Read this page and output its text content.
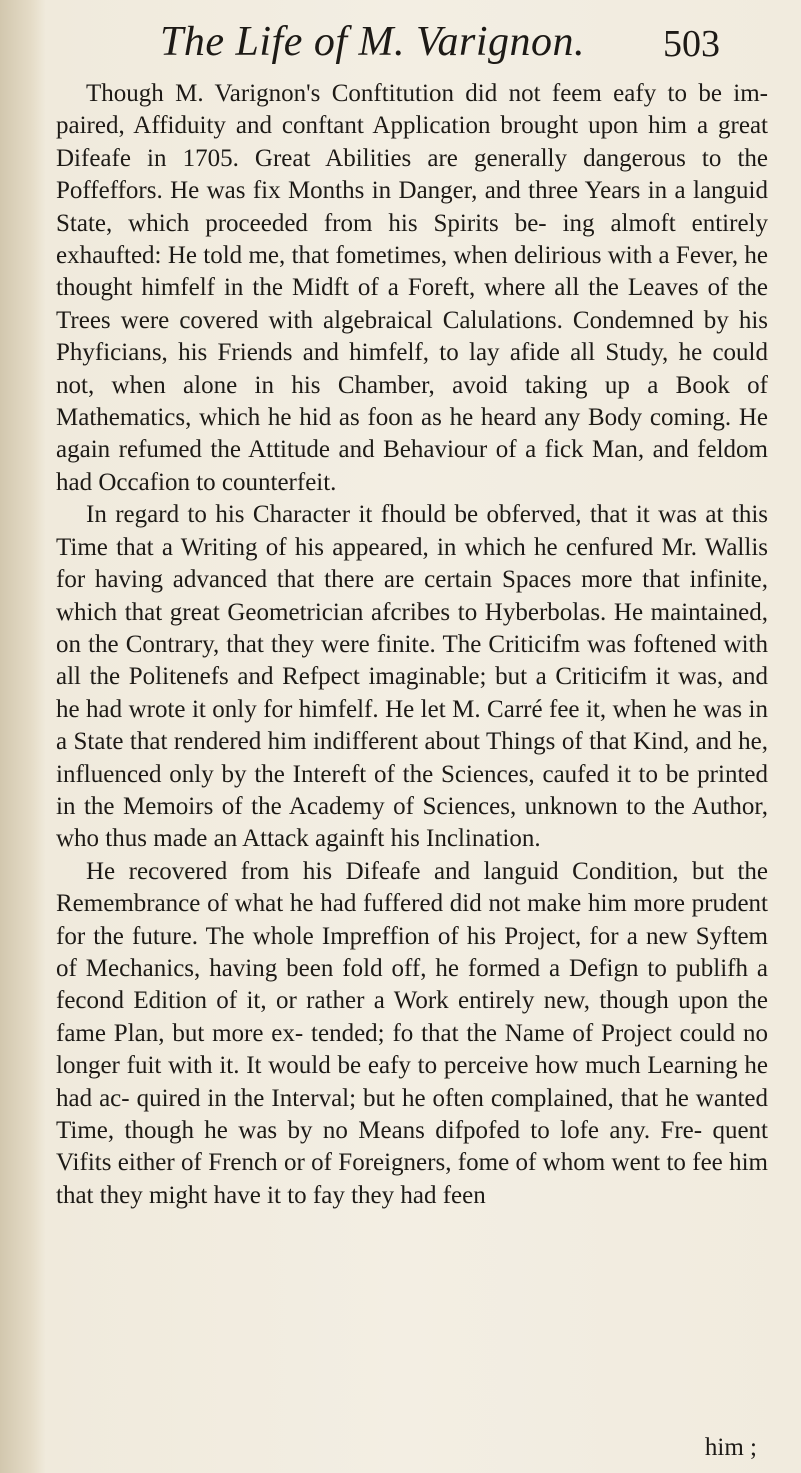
The Life of M. Varignon. 503

Though M. Varignon's Conftitution did not feem eafy to be im- paired, Affiduity and conftant Application brought upon him a great Difeafe in 1705. Great Abilities are generally dangerous to the Poffeffors. He was fix Months in Danger, and three Years in a languid State, which proceeded from his Spirits be- ing almoft entirely exhaufted: He told me, that fometimes, when delirious with a Fever, he thought himfelf in the Midft of a Foreft, where all the Leaves of the Trees were covered with algebraical Calulations. Condemned by his Phyficians, his Friends and himfelf, to lay afide all Study, he could not, when alone in his Chamber, avoid taking up a Book of Mathematics, which he hid as foon as he heard any Body coming. He again refumed the Attitude and Behaviour of a fick Man, and feldom had Occafion to counterfeit.

In regard to his Character it fhould be obferved, that it was at this Time that a Writing of his appeared, in which he cenfured Mr. Wallis for having advanced that there are certain Spaces more that infinite, which that great Geometrician afcribes to Hyberbolas. He maintained, on the Contrary, that they were finite. The Criticifm was foftened with all the Politenefs and Refpect imaginable; but a Criticifm it was, and he had wrote it only for himfelf. He let M. Carré fee it, when he was in a State that rendered him indifferent about Things of that Kind, and he, influenced only by the Intereft of the Sciences, caufed it to be printed in the Memoirs of the Academy of Sciences, unknown to the Author, who thus made an Attack againft his Inclination.

He recovered from his Difeafe and languid Condition, but the Remembrance of what he had fuffered did not make him more prudent for the future. The whole Impreffion of his Project, for a new Syftem of Mechanics, having been fold off, he formed a Defign to publifh a fecond Edition of it, or rather a Work entirely new, though upon the fame Plan, but more ex- tended; fo that the Name of Project could no longer fuit with it. It would be eafy to perceive how much Learning he had ac- quired in the Interval; but he often complained, that he wanted Time, though he was by no Means difpofed to lofe any. Fre- quent Vifits either of French or of Foreigners, fome of whom went to fee him that they might have it to fay they had feen

him ;
